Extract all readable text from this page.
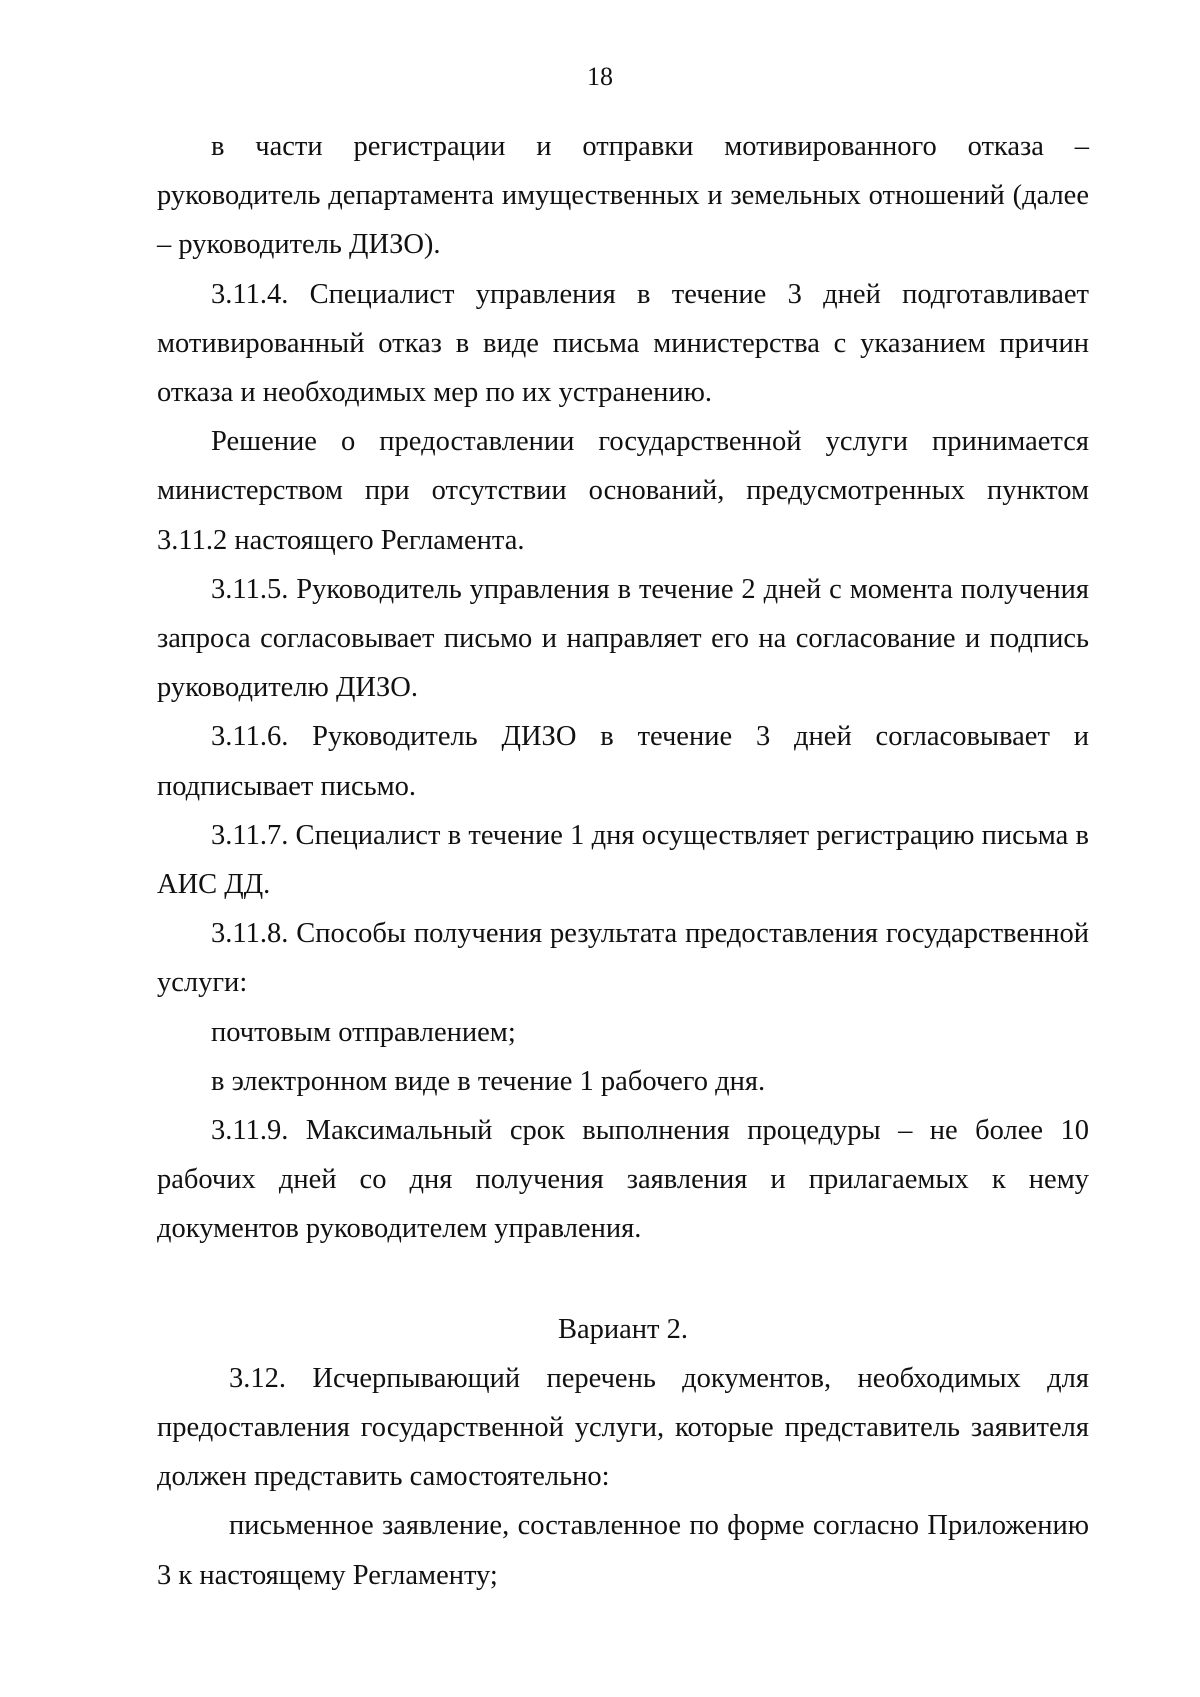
18

в части регистрации и отправки мотивированного отказа – руководитель департамента имущественных и земельных отношений (далее – руководитель ДИЗО).

3.11.4. Специалист управления в течение 3 дней подготавливает мотивированный отказ в виде письма министерства с указанием причин отказа и необходимых мер по их устранению.

Решение о предоставлении государственной услуги принимается министерством при отсутствии оснований, предусмотренных пунктом 3.11.2 настоящего Регламента.

3.11.5. Руководитель управления в течение 2 дней с момента получения запроса согласовывает письмо и направляет его на согласование и подпись руководителю ДИЗО.

3.11.6. Руководитель ДИЗО в течение 3 дней согласовывает и подписывает письмо.

3.11.7. Специалист в течение 1 дня осуществляет регистрацию письма в АИС ДД.

3.11.8. Способы получения результата предоставления государственной услуги:

почтовым отправлением;

в электронном виде в течение 1 рабочего дня.

3.11.9. Максимальный срок выполнения процедуры – не более 10 рабочих дней со дня получения заявления и прилагаемых к нему документов руководителем управления.

Вариант 2.

3.12. Исчерпывающий перечень документов, необходимых для предоставления государственной услуги, которые представитель заявителя должен представить самостоятельно:

письменное заявление, составленное по форме согласно Приложению 3 к настоящему Регламенту;
